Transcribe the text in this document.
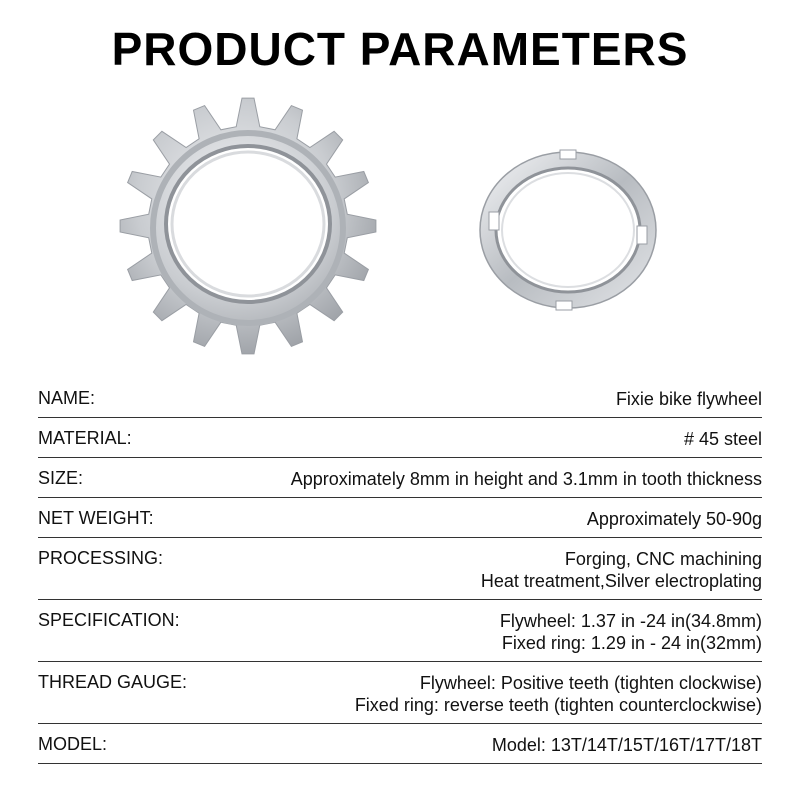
PRODUCT PARAMETERS
NAME:	Fixie bike flywheel
MATERIAL:	# 45 steel
SIZE:	Approximately 8mm in height and 3.1mm in tooth thickness
NET WEIGHT:	Approximately 50-90g
PROCESSING:	Forging, CNC machining
Heat treatment,Silver electroplating
SPECIFICATION:	Flywheel: 1.37 in -24 in(34.8mm)
Fixed ring: 1.29 in - 24 in(32mm)
THREAD GAUGE:	Flywheel: Positive teeth (tighten clockwise)
Fixed ring: reverse teeth (tighten counterclockwise)
MODEL:	Model: 13T/14T/15T/16T/17T/18T
